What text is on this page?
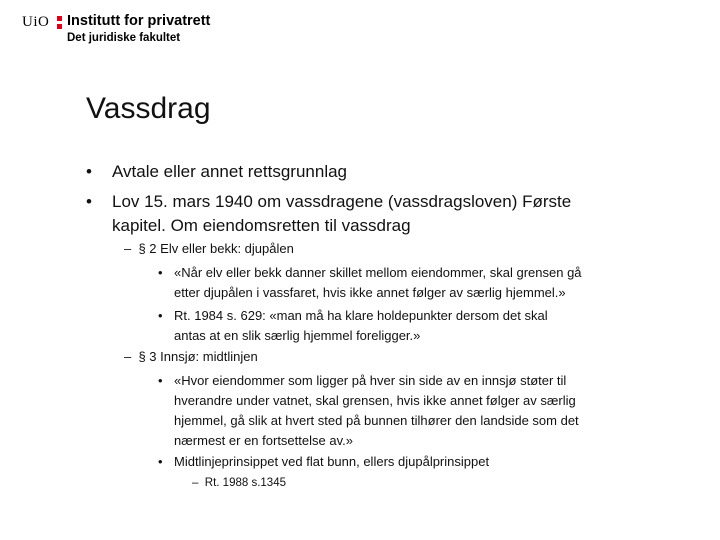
UiO Institutt for privatrett
Det juridiske fakultet
Vassdrag
• Avtale eller annet rettsgrunnlag
• Lov 15. mars 1940 om vassdragene (vassdragsloven) Første
kapitel. Om eiendomsretten til vassdrag
–  § 2 Elv eller bekk: djupålen
• «Når elv eller bekk danner skillet mellom eiendommer, skal grensen gå
etter djupålen i vassfaret, hvis ikke annet følger av særlig hjemmel.»
• Rt. 1984 s. 629: «man må ha klare holdepunkter dersom det skal
antas at en slik særlig hjemmel foreligger.»
–  § 3 Innsjø: midtlinjen
• «Hvor eiendommer som ligger på hver sin side av en innsjø støter til
hverandre under vatnet, skal grensen, hvis ikke annet følger av særlig
hjemmel, gå slik at hvert sted på bunnen tilhører den landside som det
nærmest er en fortsettelse av.»
• Midtlinjeprinsippet ved flat bunn, ellers djupålprinsippet
–  Rt. 1988 s.1345
